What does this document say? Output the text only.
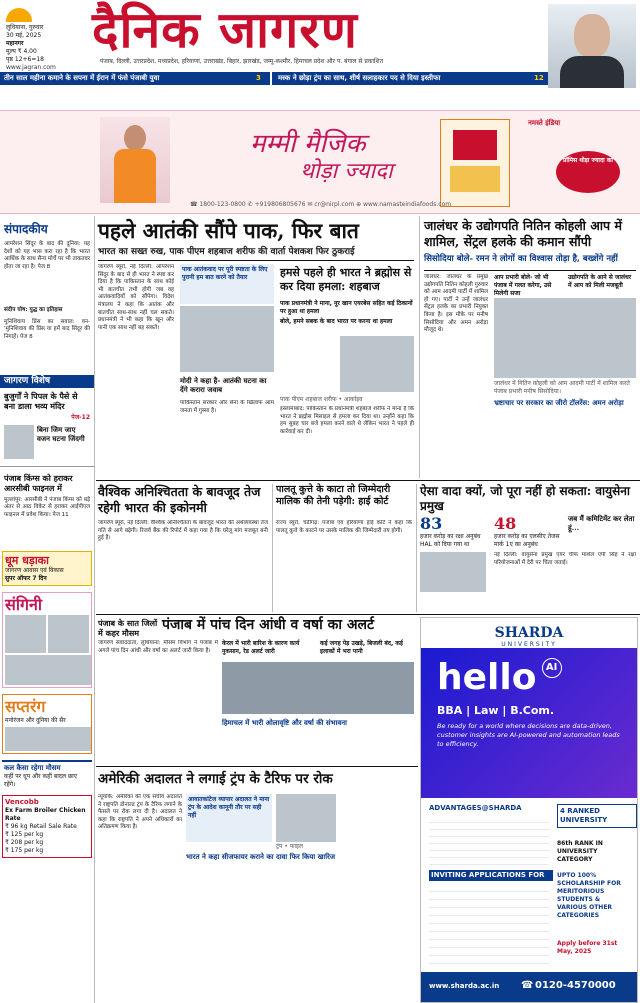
लुधियाना, गुरुवार
30 मई, 2025
महानगर
मूल्य ₹ 4.00
पृष्ठ 12+6=18
दैनिक जागरण
पंजाब, दिल्ली, उत्तरप्रदेश, मध्यप्रदेश, हरियाणा, उत्तराखंड, बिहार, झारखंड, जम्मू-कश्मीर, हिमाचल प्रदेश और प. बंगाल से प्रकाशित
www.jagran.com
तीन साल महीना कमाने के सपना में ईरान में फंसे पंजाबी युवा	3 मस्क ने छोड़ा ट्रंप का साथ, शीर्ष सलाहकार पद से दिया इस्तीफा	12
मम्मी मैजिक
थोड़ा ज्यादा
नमस्ते इंडिया
प्रॉमिस थोड़ा ज्यादा का
☎ 1800-123-0800 ✆ +919806805676 ✉ cr@nirpl.com ⊕ www.namasteindiafoods.com
संपादकीय
आपरेशन सिंदूर के बाद की दुनिया: यह देशों को यह भास करा रहा है कि भारत आर्थिक के साथ सैन्य मोर्चे पर भी ताकतवर होता जा रहा है। पेज 8
संदीप घोष: युद्ध का इतिहास
मुनिशिवाय प्रिंस का सवाल: वन-'मुनिशिवाय की प्रिंस या हमें बाद सिंदूर की निगाहें। पेज 8
जागरण विशेष
बुजुर्गों ने पिपल के पैसे से बना डाला भव्य मंदिर
पेज-12
बिना जिम जाए वजन घटना जिंदगी
पंजाब किंग्स को हराकर आरसीबी फाइनल में
मुल्लांपुर: आरसीबी ने पंजाब किंग्स को बड़े अंतर से आठ विकेट से हराकर आईपीएल फाइनल में प्रवेश किया। पेज 11
धूम धड़ाका
जागरण आवास एवं विकास
सुपर ऑफर 7 दिन
संगिनी
सप्तरंग
मनोरंजन और दुनिया की सैर
कल कैसा रहेगा मौसम
कहीं पर धूप और कहीं बादल छाए रहेंगे।
Vencobb
Ex Farm Broiler Chicken Rate
₹ 96 kg Retail Sale Rate
₹ 125 per kg
₹ 208 per kg
₹ 175 per kg
पहले आतंकी सौंपे पाक, फिर बात
भारत का सख्त रुख, पाक पीएम शहबाज शरीफ की वार्ता पेशकश फिर ठुकराई
जागरण ब्यूरो, नई दिल्ली: ऑपरेशन सिंदूर के बाद से ही भारत ने स्पष्ट कर दिया है कि पाकिस्तान के साथ कोई भी बातचीत तभी होगी जब वह आतंकवादियों को सौंपेगा। विदेश मंत्रालय ने कहा कि आतंक और बातचीत साथ-साथ नहीं चल सकते। प्रधानमंत्री ने भी कहा कि खून और पानी एक साथ नहीं बह सकते।
पाक आतंकवाद पर पूरी स्पष्टता के लिए पुरानी हम बात करने को तैयार
मोदी ने कहा है- आतंकी घटना का देंगे करारा जवाब
पाकिस्तान सरकार और सेना के खिलाफ आम जनता में गुस्सा है।
हमसे पहले ही भारत ने ब्रह्मोस से कर दिया हमला: शहबाज
पाक प्रधानमंत्री ने माना, नूर खान एयरबेस सहित कई ठिकानों पर हुआ था हमला
बोले, हमने सबक के बाद भारत पर करना था हमला
पाक पीएम शहबाज शरीफ • आर्काइव
इस्लामाबाद: पाकिस्तान के प्रधानमंत्री शहबाज शरीफ ने माना है कि भारत ने ब्रह्मोस मिसाइल से हमला कर दिया था। उन्होंने कहा कि हम सुबह चार बजे हमला करने वाले थे लेकिन भारत ने पहले ही कार्रवाई कर दी।
जालंधर के उद्योगपति नितिन कोहली आप में शामिल, सेंट्रल हलके की कमान सौंपी
सिसोदिया बोले- रमन ने लोगों का विश्वास तोड़ा है, बख्शेंगे नहीं
जालंधर: जालंधर के प्रमुख उद्योगपति नितिन कोहली गुरुवार को आम आदमी पार्टी में शामिल हो गए। पार्टी ने उन्हें जालंधर सेंट्रल हलके का प्रभारी नियुक्त किया है। इस मौके पर मनीष सिसोदिया और अमन अरोड़ा मौजूद थे।
आप प्रभारी बोले- जो भी पंजाब में गलत करेगा, उसे मिलेगी सजा
उद्योगपति के आने से जालंधर में आप को मिली मजबूती
जालंधर में नितिन कोहली को आम आदमी पार्टी में शामिल करते पंजाब प्रभारी मनीष सिसोदिया।
भ्रष्टाचार पर सरकार का जीरो टॉलरेंस: अमन अरोड़ा
वैश्विक अनिश्चितता के बावजूद तेज रहेगी भारत की इकोनमी
जागरण ब्यूरो, नई दिल्ली: वैश्विक अनिश्चितता के बावजूद भारत की अर्थव्यवस्था तेज गति से आगे बढ़ेगी। रिजर्व बैंक की रिपोर्ट में कहा गया है कि घरेलू मांग मजबूत बनी हुई है।
पालतू कुत्ते के काटा तो जिम्मेदारी मालिक की तेनी पड़ेगी: हाई कोर्ट
राज्य ब्यूरो, चंडीगढ़: पंजाब एवं हरियाणा हाई कोर्ट ने कहा कि पालतू कुत्ते के काटने पर उसके मालिक की जिम्मेदारी तय होगी।
ऐसा वादा क्यों, जो पूरा नहीं हो सकता: वायुसेना प्रमुख
83
हजार करोड़ का रक्षा अनुबंध HAL को दिया गया था
48
हजार करोड़ का एलसीए तेजस मार्क 1ए का अनुबंध
जब मैं कमिटिमेंट कर लेता हूं...
नई दिल्ली: वायुसेना प्रमुख एयर चीफ मार्शल एपी सिंह ने रक्षा परियोजनाओं में देरी पर चिंता जताई।
पंजाब के सात जिलों में कहर मौसम	पंजाब में पांच दिन आंधी व वर्षा का अलर्ट
जागरण संवाददाता, लुधियाना: मौसम विभाग ने पंजाब में अगले पांच दिन आंधी और वर्षा का अलर्ट जारी किया है।
केरल में भारी बारिश के कारण कार्य नुकसान, रेड अलर्ट जारी
कई जगह पेड़ उखड़े, बिजली बंद, कई इलाकों में भरा पानी
हिमाचल में भारी ओलावृष्टि और वर्षा की संभावना
SHARDA
UNIVERSITY
hello AI
BBA | Law | B.Com.
Be ready for a world where decisions are data-driven, customer insights are AI-powered and automation leads to efficiency.
ADVANTAGES@SHARDA
INVITING APPLICATIONS FOR
4 RANKED UNIVERSITY
86th RANK IN UNIVERSITY CATEGORY
UPTO 100% SCHOLARSHIP FOR MERITORIOUS STUDENTS & VARIOUS OTHER CATEGORIES
Apply before 31st May, 2025
www.sharda.ac.in ☎ 0120-4570000
अमेरिकी अदालत ने लगाई ट्रंप के टैरिफ पर रोक
न्यूयॉर्क: अमेरिका की एक संघीय अदालत ने राष्ट्रपति डोनाल्ड ट्रंप के टैरिफ लगाने के फैसले पर रोक लगा दी है। अदालत ने कहा कि राष्ट्रपति ने अपने अधिकारों का अतिक्रमण किया है।
आयातकांटेज व्यापार अदालत ने माना ट्रंप के आदेश कानूनी तौर पर सही नहीं
ट्रंप • फाइल
भारत ने कहा सीजफायर कराने का दावा फिर किया खारिज
